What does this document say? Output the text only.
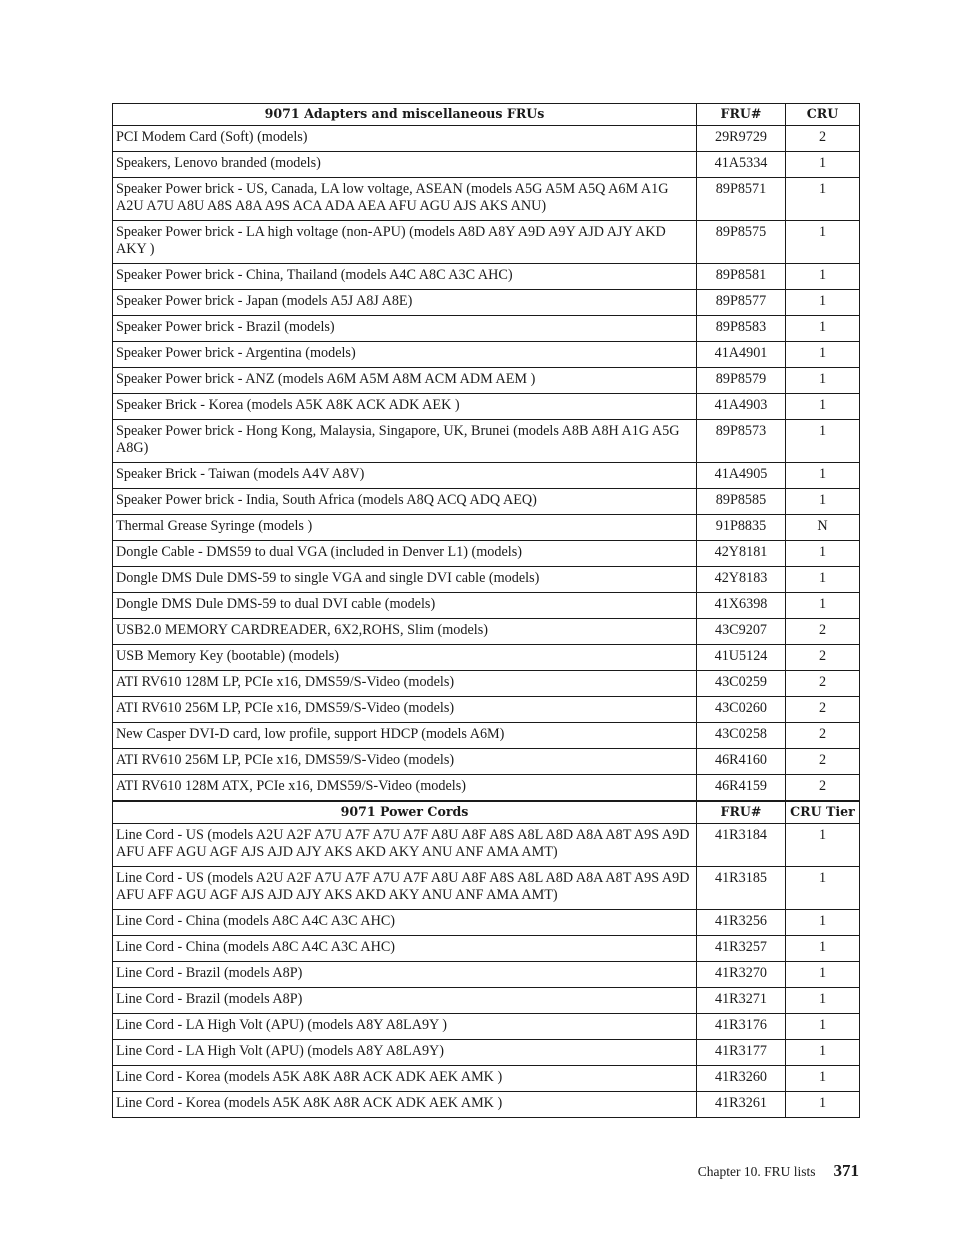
9071 Adapters and miscellaneous FRUs	FRU#	CRU
PCI Modem Card (Soft) (models)	29R9729	2
Speakers, Lenovo branded (models)	41A5334	1
Speaker Power brick - US, Canada, LA low voltage, ASEAN (models A5G A5M A5Q A6M A1G A2U A7U A8U A8S A8A A9S ACA ADA AEA AFU AGU AJS AKS ANU)	89P8571	1
Speaker Power brick - LA high voltage (non-APU) (models A8D A8Y A9D A9Y AJD AJY AKD AKY )	89P8575	1
Speaker Power brick - China, Thailand (models A4C A8C A3C AHC)	89P8581	1
Speaker Power brick - Japan (models A5J A8J A8E)	89P8577	1
Speaker Power brick - Brazil (models)	89P8583	1
Speaker Power brick - Argentina (models)	41A4901	1
Speaker Power brick - ANZ (models A6M A5M A8M ACM ADM AEM )	89P8579	1
Speaker Brick - Korea (models A5K A8K ACK ADK AEK )	41A4903	1
Speaker Power brick - Hong Kong, Malaysia, Singapore, UK, Brunei (models A8B A8H A1G A5G A8G)	89P8573	1
Speaker Brick - Taiwan (models A4V A8V)	41A4905	1
Speaker Power brick - India, South Africa (models A8Q ACQ ADQ AEQ)	89P8585	1
Thermal Grease Syringe (models )	91P8835	N
Dongle Cable - DMS59 to dual VGA (included in Denver L1) (models)	42Y8181	1
Dongle DMS Dule DMS-59 to single VGA and single DVI cable (models)	42Y8183	1
Dongle DMS Dule DMS-59 to dual DVI cable (models)	41X6398	1
USB2.0 MEMORY CARDREADER, 6X2,ROHS, Slim (models)	43C9207	2
USB Memory Key (bootable) (models)	41U5124	2
ATI RV610 128M LP, PCIe x16, DMS59/S-Video (models)	43C0259	2
ATI RV610 256M LP, PCIe x16, DMS59/S-Video (models)	43C0260	2
New Casper DVI-D card, low profile, support HDCP (models A6M)	43C0258	2
ATI RV610 256M LP, PCIe x16, DMS59/S-Video (models)	46R4160	2
ATI RV610 128M ATX, PCIe x16, DMS59/S-Video (models)	46R4159	2
9071 Power Cords	FRU#	CRU Tier
Line Cord - US (models A2U A2F A7U A7F A7U A7F A8U A8F A8S A8L A8D A8A A8T A9S A9D AFU AFF AGU AGF AJS AJD AJY AKS AKD AKY ANU ANF AMA AMT)	41R3184	1
Line Cord - US (models A2U A2F A7U A7F A7U A7F A8U A8F A8S A8L A8D A8A A8T A9S A9D AFU AFF AGU AGF AJS AJD AJY AKS AKD AKY ANU ANF AMA AMT)	41R3185	1
Line Cord - China (models A8C A4C A3C AHC)	41R3256	1
Line Cord - China (models A8C A4C A3C AHC)	41R3257	1
Line Cord - Brazil (models A8P)	41R3270	1
Line Cord - Brazil (models A8P)	41R3271	1
Line Cord - LA High Volt (APU) (models A8Y A8LA9Y )	41R3176	1
Line Cord - LA High Volt (APU) (models A8Y A8LA9Y)	41R3177	1
Line Cord - Korea (models A5K A8K A8R ACK ADK AEK AMK )	41R3260	1
Line Cord - Korea (models A5K A8K A8R ACK ADK AEK AMK )	41R3261	1
Chapter 10. FRU lists 371
